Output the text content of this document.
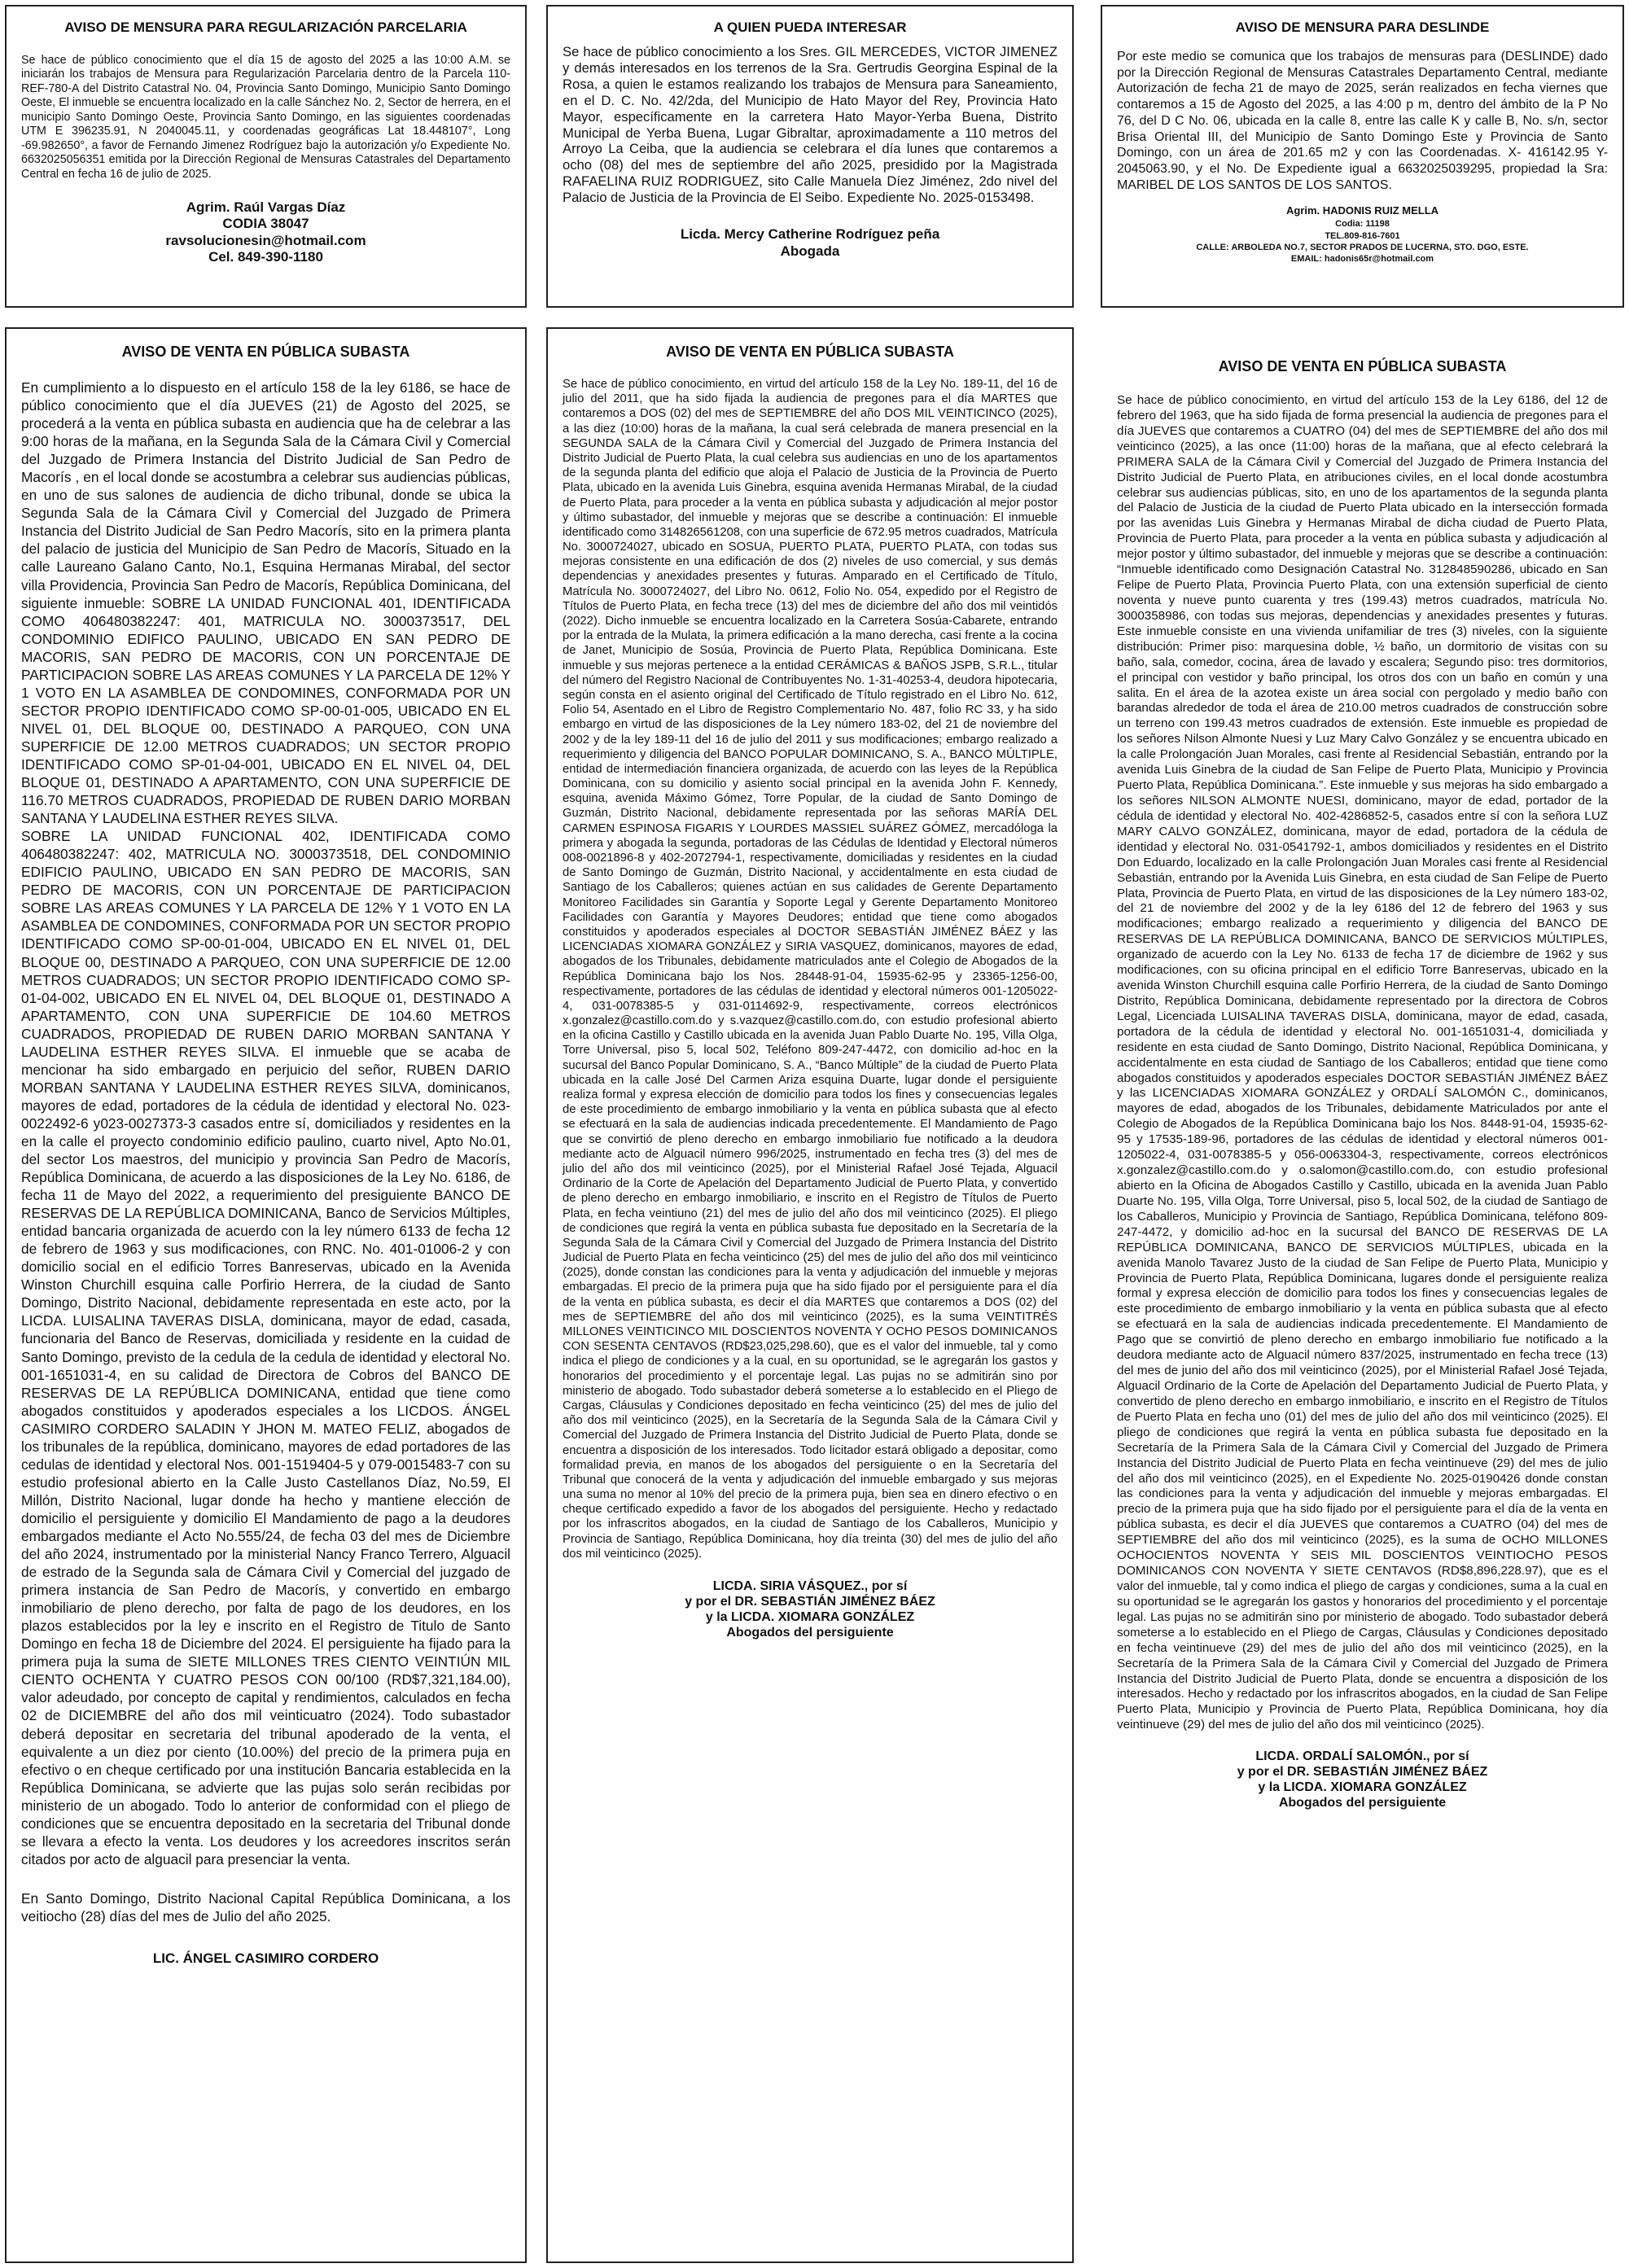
AVISO DE MENSURA PARA REGULARIZACIÓN PARCELARIA
Se hace de público conocimiento que el día 15 de agosto del 2025 a las 10:00 A.M. se iniciarán los trabajos de Mensura para Regularización Parcelaria dentro de la Parcela 110-REF-780-A del Distrito Catastral No. 04, Provincia Santo Domingo, Municipio Santo Domingo Oeste, El inmueble se encuentra localizado en la calle Sánchez No. 2, Sector de herrera, en el municipio Santo Domingo Oeste, Provincia Santo Domingo, en las siguientes coordenadas UTM E 396235.91, N 2040045.11, y coordenadas geográficas Lat 18.448107°, Long -69.982650°, a favor de Fernando Jimenez Rodríguez bajo la autorización y/o Expediente No. 6632025056351 emitida por la Dirección Regional de Mensuras Catastrales del Departamento Central en fecha 16 de julio de 2025.
Agrim. Raúl Vargas Díaz
CODIA 38047
ravsolucionesin@hotmail.com
Cel. 849-390-1180
A QUIEN PUEDA INTERESAR
Se hace de público conocimiento a los Sres. GIL MERCEDES, VICTOR JIMENEZ y demás interesados en los terrenos de la Sra. Gertrudis Georgina Espinal de la Rosa, a quien le estamos realizando los trabajos de Mensura para Saneamiento, en el D. C. No. 42/2da, del Municipio de Hato Mayor del Rey, Provincia Hato Mayor, específicamente en la carretera Hato Mayor-Yerba Buena, Distrito Municipal de Yerba Buena, Lugar Gibraltar, aproximadamente a 110 metros del Arroyo La Ceiba, que la audiencia se celebrara el día lunes que contaremos a ocho (08) del mes de septiembre del año 2025, presidido por la Magistrada RAFAELINA RUIZ RODRIGUEZ, sito Calle Manuela Díez Jiménez, 2do nivel del Palacio de Justicia de la Provincia de El Seibo. Expediente No. 2025-0153498.
Licda. Mercy Catherine Rodríguez peña
Abogada
AVISO DE MENSURA PARA DESLINDE
Por este medio se comunica que los trabajos de mensuras para (DESLINDE) dado por la Dirección Regional de Mensuras Catastrales Departamento Central, mediante Autorización de fecha 21 de mayo de 2025, serán realizados en fecha viernes que contaremos a 15 de Agosto del 2025, a las 4:00 p m, dentro del ámbito de la P No 76, del D C No. 06, ubicada en la calle 8, entre las calle K y calle B, No. s/n, sector Brisa Oriental III, del Municipio de Santo Domingo Este y Provincia de Santo Domingo, con un área de 201.65 m2 y con las Coordenadas. X- 416142.95 Y- 2045063.90, y el No. De Expediente igual a 6632025039295, propiedad la Sra: MARIBEL DE LOS SANTOS DE LOS SANTOS.
Agrim. HADONIS RUIZ MELLA
Codia: 11198
TEL.809-816-7601
CALLE: ARBOLEDA NO.7, SECTOR PRADOS DE LUCERNA, STO. DGO, ESTE.
EMAIL: hadonis65r@hotmail.com
AVISO DE VENTA EN PÚBLICA SUBASTA

En cumplimiento a lo dispuesto en el artículo 158 de la ley 6186, se hace de público conocimiento que el día JUEVES (21) de Agosto del 2025, se procederá a la venta en pública subasta en audiencia que ha de celebrar a las 9:00 horas de la mañana, en la Segunda Sala de la Cámara Civil y Comercial del Juzgado de Primera Instancia del Distrito Judicial de San Pedro de Macorís , en el local donde se acostumbra a celebrar sus audiencias públicas, en uno de sus salones de audiencia de dicho tribunal, donde se ubica la Segunda Sala de la Cámara Civil y Comercial del Juzgado de Primera Instancia del Distrito Judicial de San Pedro Macorís, sito en la primera planta del palacio de justicia del Municipio de San Pedro de Macorís, Situado en la calle Laureano Galano Canto, No.1, Esquina Hermanas Mirabal, del sector villa Providencia, Provincia San Pedro de Macorís, República Dominicana, del siguiente inmueble: SOBRE LA UNIDAD FUNCIONAL 401, IDENTIFICADA COMO 406480382247: 401, MATRICULA NO. 3000373517, DEL CONDOMINIO EDIFICO PAULINO, UBICADO EN SAN PEDRO DE MACORIS, SAN PEDRO DE MACORIS, CON UN PORCENTAJE DE PARTICIPACION SOBRE LAS AREAS COMUNES Y LA PARCELA DE 12% Y 1 VOTO EN LA ASAMBLEA DE CONDOMINES, CONFORMADA POR UN SECTOR PROPIO IDENTIFICADO COMO SP-00-01-005, UBICADO EN EL NIVEL 01, DEL BLOQUE 00, DESTINADO A PARQUEO, CON UNA SUPERFICIE DE 12.00 METROS CUADRADOS; UN SECTOR PROPIO IDENTIFICADO COMO SP-01-04-001, UBICADO EN EL NIVEL 04, DEL BLOQUE 01, DESTINADO A APARTAMENTO, CON UNA SUPERFICIE DE 116.70 METROS CUADRADOS, PROPIEDAD DE RUBEN DARIO MORBAN SANTANA Y LAUDELINA ESTHER REYES SILVA.

SOBRE LA UNIDAD FUNCIONAL 402, IDENTIFICADA COMO 406480382247: 402, MATRICULA NO. 3000373518, DEL CONDOMINIO EDIFICIO PAULINO, UBICADO EN SAN PEDRO DE MACORIS, SAN PEDRO DE MACORIS, CON UN PORCENTAJE DE PARTICIPACION SOBRE LAS AREAS COMUNES Y LA PARCELA DE 12% Y 1 VOTO EN LA ASAMBLEA DE CONDOMINES, CONFORMADA POR UN SECTOR PROPIO IDENTIFICADO COMO SP-00-01-004, UBICADO EN EL NIVEL 01, DEL BLOQUE 00, DESTINADO A PARQUEO, CON UNA SUPERFICIE DE 12.00 METROS CUADRADOS; UN SECTOR PROPIO IDENTIFICADO COMO SP-01-04-002, UBICADO EN EL NIVEL 04, DEL BLOQUE 01, DESTINADO A APARTAMENTO, CON UNA SUPERFICIE DE 104.60 METROS CUADRADOS, PROPIEDAD DE RUBEN DARIO MORBAN SANTANA Y LAUDELINA ESTHER REYES SILVA. El inmueble que se acaba de mencionar ha sido embargado en perjuicio del señor, RUBEN DARIO MORBAN SANTANA Y LAUDELINA ESTHER REYES SILVA, dominicanos, mayores de edad, portadores de la cédula de identidad y electoral No. 023-0022492-6 y023-0027373-3 casados entre sí, domiciliados y residentes en la en la calle el proyecto condominio edificio paulino, cuarto nivel, Apto No.01, del sector Los maestros, del municipio y provincia San Pedro de Macorís, República Dominicana, de acuerdo a las disposiciones de la Ley No. 6186, de fecha 11 de Mayo del 2022, a requerimiento del presiguiente BANCO DE RESERVAS DE LA REPÚBLICA DOMINICANA, Banco de Servicios Múltiples, entidad bancaria organizada de acuerdo con la ley número 6133 de fecha 12 de febrero de 1963 y sus modificaciones, con RNC. No. 401-01006-2 y con domicilio social en el edificio Torres Banreservas, ubicado en la Avenida Winston Churchill esquina calle Porfirio Herrera, de la ciudad de Santo Domingo, Distrito Nacional, debidamente representada en este acto, por la LICDA. LUISALINA TAVERAS DISLA, dominicana, mayor de edad, casada, funcionaria del Banco de Reservas, domiciliada y residente en la cuidad de Santo Domingo, previsto de la cedula de la cedula de identidad y electoral No. 001-1651031-4, en su calidad de Directora de Cobros del BANCO DE RESERVAS DE LA REPÚBLICA DOMINICANA, entidad que tiene como abogados constituidos y apoderados especiales a los LICDOS. ÁNGEL CASIMIRO CORDERO SALADIN Y JHON M. MATEO FELIZ, abogados de los tribunales de la república, dominicano, mayores de edad portadores de las cedulas de identidad y electoral Nos. 001-1519404-5 y 079-0015483-7 con su estudio profesional abierto en la Calle Justo Castellanos Díaz, No.59, El Millón, Distrito Nacional, lugar donde ha hecho y mantiene elección de domicilio el persiguiente y domicilio El Mandamiento de pago a la deudores embargados mediante el Acto No.555/24, de fecha 03 del mes de Diciembre del año 2024, instrumentado por la ministerial Nancy Franco Terrero, Alguacil de estrado de la Segunda sala de Cámara Civil y Comercial del juzgado de primera instancia de San Pedro de Macorís, y convertido en embargo inmobiliario de pleno derecho, por falta de pago de los deudores, en los plazos establecidos por la ley e inscrito en el Registro de Titulo de Santo Domingo en fecha 18 de Diciembre del 2024. El persiguiente ha fijado para la primera puja la suma de SIETE MILLONES TRES CIENTO VEINTIÚN MIL CIENTO OCHENTA Y CUATRO PESOS CON 00/100 (RD$7,321,184.00), valor adeudado, por concepto de capital y rendimientos, calculados en fecha 02 de DICIEMBRE del año dos mil veinticuatro (2024). Todo subastador deberá depositar en secretaria del tribunal apoderado de la venta, el equivalente a un diez por ciento (10.00%) del precio de la primera puja en efectivo o en cheque certificado por una institución Bancaria establecida en la República Dominicana, se advierte que las pujas solo serán recibidas por ministerio de un abogado. Todo lo anterior de conformidad con el pliego de condiciones que se encuentra depositado en la secretaria del Tribunal donde se llevara a efecto la venta. Los deudores y los acreedores inscritos serán citados por acto de alguacil para presenciar la venta.

En Santo Domingo, Distrito Nacional Capital República Dominicana, a los veitiocho (28) días del mes de Julio del año 2025.

LIC. ÁNGEL CASIMIRO CORDERO
AVISO DE VENTA EN PÚBLICA SUBASTA
Se hace de público conocimiento, en virtud del artículo 158 de la Ley No. 189-11, del 16 de julio del 2011, que ha sido fijada la audiencia de pregones para el día MARTES que contaremos a DOS (02) del mes de SEPTIEMBRE del año DOS MIL VEINTICINCO (2025), a las diez (10:00) horas de la mañana, la cual será celebrada de manera presencial en la SEGUNDA SALA de la Cámara Civil y Comercial del Juzgado de Primera Instancia del Distrito Judicial de Puerto Plata, la cual celebra sus audiencias en uno de los apartamentos de la segunda planta del edificio que aloja el Palacio de Justicia de la Provincia de Puerto Plata, ubicado en la avenida Luis Ginebra, esquina avenida Hermanas Mirabal, de la ciudad de Puerto Plata, para proceder a la venta en pública subasta y adjudicación al mejor postor y último subastador, del inmueble y mejoras que se describe a continuación: El inmueble identificado como 314826561208, con una superficie de 672.95 metros cuadrados, Matrícula No. 3000724027, ubicado en SOSUA, PUERTO PLATA, PUERTO PLATA, con todas sus mejoras consistente en una edificación de dos (2) niveles de uso comercial, y sus demás dependencias y anexidades presentes y futuras. Amparado en el Certificado de Título, Matrícula No. 3000724027, del Libro No. 0612, Folio No. 054, expedido por el Registro de Títulos de Puerto Plata, en fecha trece (13) del mes de diciembre del año dos mil veintidós (2022). Dicho inmueble se encuentra localizado en la Carretera Sosúa-Cabarete, entrando por la entrada de la Mulata, la primera edificación a la mano derecha, casi frente a la cocina de Janet, Municipio de Sosúa, Provincia de Puerto Plata, República Dominicana. Este inmueble y sus mejoras pertenece a la entidad CERÁMICAS & BAÑOS JSPB, S.R.L., titular del número del Registro Nacional de Contribuyentes No. 1-31-40253-4, deudora hipotecaria, según consta en el asiento original del Certificado de Título registrado en el Libro No. 612, Folio 54, Asentado en el Libro de Registro Complementario No. 487, folio RC 33, y ha sido embargo en virtud de las disposiciones de la Ley número 183-02, del 21 de noviembre del 2002 y de la ley 189-11 del 16 de julio del 2011 y sus modificaciones; embargo realizado a requerimiento y diligencia del BANCO POPULAR DOMINICANO, S. A., BANCO MÚLTIPLE, entidad de intermediación financiera organizada, de acuerdo con las leyes de la República Dominicana, con su domicilio y asiento social principal en la avenida John F. Kennedy, esquina, avenida Máximo Gómez, Torre Popular, de la ciudad de Santo Domingo de Guzmán, Distrito Nacional, debidamente representada por las señoras MARÍA DEL CARMEN ESPINOSA FIGARIS Y LOURDES MASSIEL SUÁREZ GÓMEZ, mercadóloga la primera y abogada la segunda, portadoras de las Cédulas de Identidad y Electoral números 008-0021896-8 y 402-2072794-1, respectivamente, domiciliadas y residentes en la ciudad de Santo Domingo de Guzmán, Distrito Nacional, y accidentalmente en esta ciudad de Santiago de los Caballeros; quienes actúan en sus calidades de Gerente Departamento Monitoreo Facilidades sin Garantía y Soporte Legal y Gerente Departamento Monitoreo Facilidades con Garantía y Mayores Deudores; entidad que tiene como abogados constituidos y apoderados especiales al DOCTOR SEBASTIÁN JIMÉNEZ BÁEZ y las LICENCIADAS XIOMARA GONZÁLEZ y SIRIA VASQUEZ, dominicanos, mayores de edad, abogados de los Tribunales, debidamente matriculados ante el Colegio de Abogados de la República Dominicana bajo los Nos. 28448-91-04, 15935-62-95 y 23365-1256-00, respectivamente, portadores de las cédulas de identidad y electoral números 001-1205022-4, 031-0078385-5 y 031-0114692-9, respectivamente, correos electrónicos x.gonzalez@castillo.com.do y s.vazquez@castillo.com.do, con estudio profesional abierto en la oficina Castillo y Castillo ubicada en la avenida Juan Pablo Duarte No. 195, Villa Olga, Torre Universal, piso 5, local 502, Teléfono 809-247-4472, con domicilio ad-hoc en la sucursal del Banco Popular Dominicano, S. A., “Banco Múltiple” de la ciudad de Puerto Plata ubicada en la calle José Del Carmen Ariza esquina Duarte, lugar donde el persiguiente realiza formal y expresa elección de domicilio para todos los fines y consecuencias legales de este procedimiento de embargo inmobiliario y la venta en pública subasta que al efecto se efectuará en la sala de audiencias indicada precedentemente. El Mandamiento de Pago que se convirtió de pleno derecho en embargo inmobiliario fue notificado a la deudora mediante acto de Alguacil número 996/2025, instrumentado en fecha tres (3) del mes de julio del año dos mil veinticinco (2025), por el Ministerial Rafael José Tejada, Alguacil Ordinario de la Corte de Apelación del Departamento Judicial de Puerto Plata, y convertido de pleno derecho en embargo inmobiliario, e inscrito en el Registro de Títulos de Puerto Plata, en fecha veintiuno (21) del mes de julio del año dos mil veinticinco (2025). El pliego de condiciones que regirá la venta en pública subasta fue depositado en la Secretaría de la Segunda Sala de la Cámara Civil y Comercial del Juzgado de Primera Instancia del Distrito Judicial de Puerto Plata en fecha veinticinco (25) del mes de julio del año dos mil veinticinco (2025), donde constan las condiciones para la venta y adjudicación del inmueble y mejoras embargadas. El precio de la primera puja que ha sido fijado por el persiguiente para el día de la venta en pública subasta, es decir el día MARTES que contaremos a DOS (02) del mes de SEPTIEMBRE del año dos mil veinticinco (2025), es la suma VEINTITRÉS MILLONES VEINTICINCO MIL DOSCIENTOS NOVENTA Y OCHO PESOS DOMINICANOS CON SESENTA CENTAVOS (RD$23,025,298.60), que es el valor del inmueble, tal y como indica el pliego de condiciones y a la cual, en su oportunidad, se le agregarán los gastos y honorarios del procedimiento y el porcentaje legal. Las pujas no se admitirán sino por ministerio de abogado. Todo subastador deberá someterse a lo establecido en el Pliego de Cargas, Cláusulas y Condiciones depositado en fecha veinticinco (25) del mes de julio del año dos mil veinticinco (2025), en la Secretaría de la Segunda Sala de la Cámara Civil y Comercial del Juzgado de Primera Instancia del Distrito Judicial de Puerto Plata, donde se encuentra a disposición de los interesados. Todo licitador estará obligado a depositar, como formalidad previa, en manos de los abogados del persiguiente o en la Secretaría del Tribunal que conocerá de la venta y adjudicación del inmueble embargado y sus mejoras una suma no menor al 10% del precio de la primera puja, bien sea en dinero efectivo o en cheque certificado expedido a favor de los abogados del persiguiente. Hecho y redactado por los infrascritos abogados, en la ciudad de Santiago de los Caballeros, Municipio y Provincia de Santiago, República Dominicana, hoy día treinta (30) del mes de julio del año dos mil veinticinco (2025).
LICDA. SIRIA VÁSQUEZ., por sí
y por el DR. SEBASTIÁN JIMÉNEZ BÁEZ
y la LICDA. XIOMARA GONZÁLEZ
Abogados del persiguiente
AVISO DE VENTA EN PÚBLICA SUBASTA
Se hace de público conocimiento, en virtud del artículo 153 de la Ley 6186, del 12 de febrero del 1963, que ha sido fijada de forma presencial la audiencia de pregones para el día JUEVES que contaremos a CUATRO (04) del mes de SEPTIEMBRE del año dos mil veinticinco (2025), a las once (11:00) horas de la mañana, que al efecto celebrará la PRIMERA SALA de la Cámara Civil y Comercial del Juzgado de Primera Instancia del Distrito Judicial de Puerto Plata, en atribuciones civiles, en el local donde acostumbra celebrar sus audiencias públicas, sito, en uno de los apartamentos de la segunda planta del Palacio de Justicia de la ciudad de Puerto Plata ubicado en la intersección formada por las avenidas Luis Ginebra y Hermanas Mirabal de dicha ciudad de Puerto Plata, Provincia de Puerto Plata, para proceder a la venta en pública subasta y adjudicación al mejor postor y último subastador, del inmueble y mejoras que se describe a continuación: “Inmueble identificado como Designación Catastral No. 312848590286, ubicado en San Felipe de Puerto Plata, Provincia Puerto Plata, con una extensión superficial de ciento noventa y nueve punto cuarenta y tres (199.43) metros cuadrados, matrícula No. 3000358986, con todas sus mejoras, dependencias y anexidades presentes y futuras. Este inmueble consiste en una vivienda unifamiliar de tres (3) niveles, con la siguiente distribución: Primer piso: marquesina doble, ½ baño, un dormitorio de visitas con su baño, sala, comedor, cocina, área de lavado y escalera; Segundo piso: tres dormitorios, el principal con vestidor y baño principal, los otros dos con un baño en común y una salita. En el área de la azotea existe un área social con pergolado y medio baño con barandas alrededor de toda el área de 210.00 metros cuadrados de construcción sobre un terreno con 199.43 metros cuadrados de extensión. Este inmueble es propiedad de los señores Nilson Almonte Nuesi y Luz Mary Calvo González y se encuentra ubicado en la calle Prolongación Juan Morales, casi frente al Residencial Sebastián, entrando por la avenida Luis Ginebra de la ciudad de San Felipe de Puerto Plata, Municipio y Provincia Puerto Plata, República Dominicana.”. Este inmueble y sus mejoras ha sido embargado a los señores NILSON ALMONTE NUESI, dominicano, mayor de edad, portador de la cédula de identidad y electoral No. 402-4286852-5, casados entre sí con la señora LUZ MARY CALVO GONZÁLEZ, dominicana, mayor de edad, portadora de la cédula de identidad y electoral No. 031-0541792-1, ambos domiciliados y residentes en el Distrito Don Eduardo, localizado en la calle Prolongación Juan Morales casi frente al Residencial Sebastián, entrando por la Avenida Luis Ginebra, en esta ciudad de San Felipe de Puerto Plata, Provincia de Puerto Plata, en virtud de las disposiciones de la Ley número 183-02, del 21 de noviembre del 2002 y de la ley 6186 del 12 de febrero del 1963 y sus modificaciones; embargo realizado a requerimiento y diligencia del BANCO DE RESERVAS DE LA REPÚBLICA DOMINICANA, BANCO DE SERVICIOS MÚLTIPLES, organizado de acuerdo con la Ley No. 6133 de fecha 17 de diciembre de 1962 y sus modificaciones, con su oficina principal en el edificio Torre Banreservas, ubicado en la avenida Winston Churchill esquina calle Porfirio Herrera, de la ciudad de Santo Domingo Distrito, República Dominicana, debidamente representado por la directora de Cobros Legal, Licenciada LUISALINA TAVERAS DISLA, dominicana, mayor de edad, casada, portadora de la cédula de identidad y electoral No. 001-1651031-4, domiciliada y residente en esta ciudad de Santo Domingo, Distrito Nacional, República Dominicana, y accidentalmente en esta ciudad de Santiago de los Caballeros; entidad que tiene como abogados constituidos y apoderados especiales DOCTOR SEBASTIÁN JIMÉNEZ BÁEZ y las LICENCIADAS XIOMARA GONZÁLEZ y ORDALÍ SALOMÓN C., dominicanos, mayores de edad, abogados de los Tribunales, debidamente Matriculados por ante el Colegio de Abogados de la República Dominicana bajo los Nos. 8448-91-04, 15935-62-95 y 17535-189-96, portadores de las cédulas de identidad y electoral números 001-1205022-4, 031-0078385-5 y 056-0063304-3, respectivamente, correos electrónicos x.gonzalez@castillo.com.do y o.salomon@castillo.com.do, con estudio profesional abierto en la Oficina de Abogados Castillo y Castillo, ubicada en la avenida Juan Pablo Duarte No. 195, Villa Olga, Torre Universal, piso 5, local 502, de la ciudad de Santiago de los Caballeros, Municipio y Provincia de Santiago, República Dominicana, teléfono 809-247-4472, y domicilio ad-hoc en la sucursal del BANCO DE RESERVAS DE LA REPÚBLICA DOMINICANA, BANCO DE SERVICIOS MÚLTIPLES, ubicada en la avenida Manolo Tavarez Justo de la ciudad de San Felipe de Puerto Plata, Municipio y Provincia de Puerto Plata, República Dominicana, lugares donde el persiguiente realiza formal y expresa elección de domicilio para todos los fines y consecuencias legales de este procedimiento de embargo inmobiliario y la venta en pública subasta que al efecto se efectuará en la sala de audiencias indicada precedentemente. El Mandamiento de Pago que se convirtió de pleno derecho en embargo inmobiliario fue notificado a la deudora mediante acto de Alguacil número 837/2025, instrumentado en fecha trece (13) del mes de junio del año dos mil veinticinco (2025), por el Ministerial Rafael José Tejada, Alguacil Ordinario de la Corte de Apelación del Departamento Judicial de Puerto Plata, y convertido de pleno derecho en embargo inmobiliario, e inscrito en el Registro de Títulos de Puerto Plata en fecha uno (01) del mes de julio del año dos mil veinticinco (2025). El pliego de condiciones que regirá la venta en pública subasta fue depositado en la Secretaría de la Primera Sala de la Cámara Civil y Comercial del Juzgado de Primera Instancia del Distrito Judicial de Puerto Plata en fecha veintinueve (29) del mes de julio del año dos mil veinticinco (2025), en el Expediente No. 2025-0190426 donde constan las condiciones para la venta y adjudicación del inmueble y mejoras embargadas. El precio de la primera puja que ha sido fijado por el persiguiente para el día de la venta en pública subasta, es decir el día JUEVES que contaremos a CUATRO (04) del mes de SEPTIEMBRE del año dos mil veinticinco (2025), es la suma de OCHO MILLONES OCHOCIENTOS NOVENTA Y SEIS MIL DOSCIENTOS VEINTIOCHO PESOS DOMINICANOS CON NOVENTA Y SIETE CENTAVOS (RD$8,896,228.97), que es el valor del inmueble, tal y como indica el pliego de cargas y condiciones, suma a la cual en su oportunidad se le agregarán los gastos y honorarios del procedimiento y el porcentaje legal. Las pujas no se admitirán sino por ministerio de abogado. Todo subastador deberá someterse a lo establecido en el Pliego de Cargas, Cláusulas y Condiciones depositado en fecha veintinueve (29) del mes de julio del año dos mil veinticinco (2025), en la Secretaría de la Primera Sala de la Cámara Civil y Comercial del Juzgado de Primera Instancia del Distrito Judicial de Puerto Plata, donde se encuentra a disposición de los interesados. Hecho y redactado por los infrascritos abogados, en la ciudad de San Felipe Puerto Plata, Municipio y Provincia de Puerto Plata, República Dominicana, hoy día veintinueve (29) del mes de julio del año dos mil veinticinco (2025).
LICDA. ORDALÍ SALOMÓN., por sí
y por el DR. SEBASTIÁN JIMÉNEZ BÁEZ
y la LICDA. XIOMARA GONZÁLEZ
Abogados del persiguiente
